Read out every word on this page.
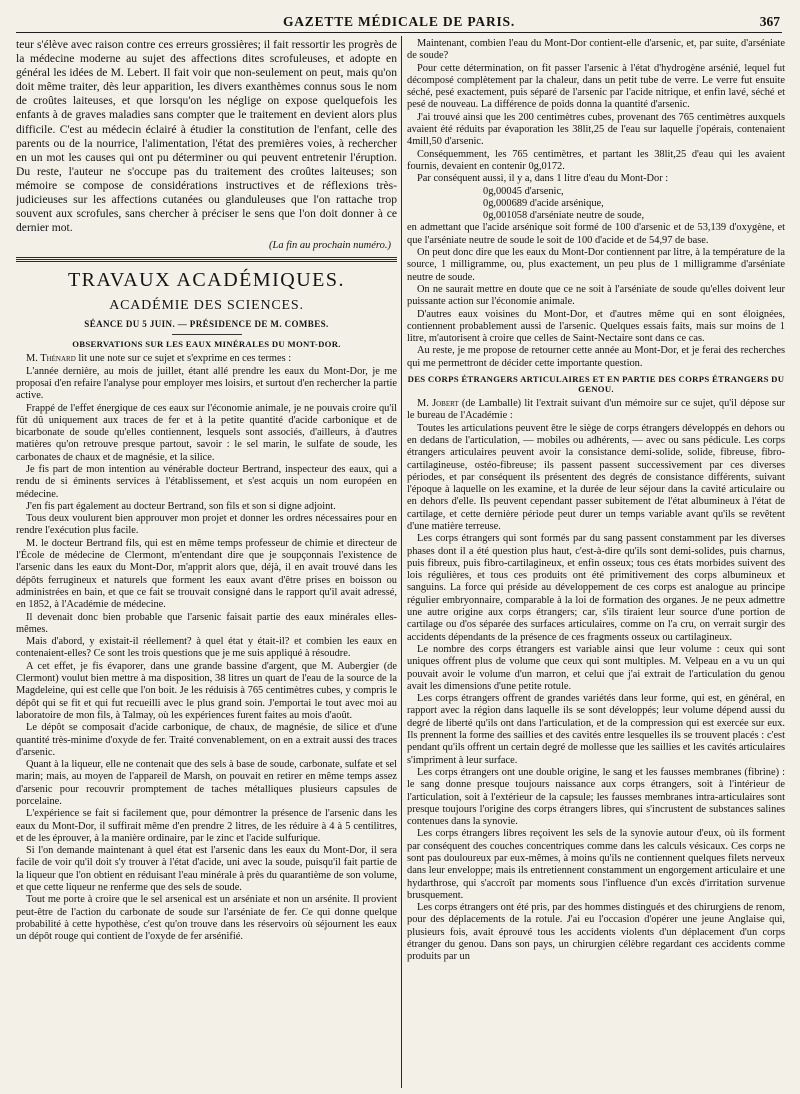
GAZETTE MÉDICALE DE PARIS.	367

teur s'élève avec raison contre ces erreurs grossières; il fait ressortir les progrès de la médecine moderne au sujet des affections dites scrofuleuses, et adopte en général les idées de M. Lebert. Il fait voir que non-seulement on peut, mais qu'on doit même traiter, dès leur apparition, les divers exanthèmes connus sous le nom de croûtes laiteuses, et que lorsqu'on les néglige on expose quelquefois les enfants à de graves maladies sans compter que le traitement en devient alors plus difficile. C'est au médecin éclairé à étudier la constitution de l'enfant, celle des parents ou de la nourrice, l'alimentation, l'état des premières voies, à rechercher en un mot les causes qui ont pu déterminer ou qui peuvent entretenir l'éruption. Du reste, l'auteur ne s'occupe pas du traitement des croûtes laiteuses; son mémoire se compose de considérations instructives et de réflexions très-judicieuses sur les affections cutanées ou glanduleuses que l'on rattache trop souvent aux scrofules, sans chercher à préciser le sens que l'on doit donner à ce dernier mot.

(La fin au prochain numéro.)
TRAVAUX ACADÉMIQUES.
ACADÉMIE DES SCIENCES.
SÉANCE DU 5 JUIN. — PRÉSIDENCE DE M. COMBES.
OBSERVATIONS SUR LES EAUX MINÉRALES DU MONT-DOR.

M. Thénard lit une note sur ce sujet et s'exprime en ces termes :

L'année dernière, au mois de juillet, étant allé prendre les eaux du Mont-Dor, je me proposai d'en refaire l'analyse pour employer mes loisirs, et surtout d'en rechercher la partie active.

Frappé de l'effet énergique de ces eaux sur l'économie animale, je ne pouvais croire qu'il fût dû uniquement aux traces de fer et à la petite quantité d'acide carbonique et de bicarbonate de soude qu'elles contiennent, lesquels sont associés, d'ailleurs, à d'autres matières qu'on retrouve presque partout, savoir : le sel marin, le sulfate de soude, les carbonates de chaux et de magnésie, et la silice.

Je fis part de mon intention au vénérable docteur Bertrand, inspecteur des eaux, qui a rendu de si éminents services à l'établissement, et s'est acquis un nom européen en médecine.

J'en fis part également au docteur Bertrand, son fils et son si digne adjoint.

Tous deux voulurent bien approuver mon projet et donner les ordres nécessaires pour en rendre l'exécution plus facile.

M. le docteur Bertrand fils, qui est en même temps professeur de chimie et directeur de l'École de médecine de Clermont, m'entendant dire que je soupçonnais l'existence de l'arsenic dans les eaux du Mont-Dor, m'apprit alors que, déjà, il en avait trouvé dans les dépôts ferrugineux et naturels que forment les eaux avant d'être prises en boisson ou administrées en bain, et que ce fait se trouvait consigné dans le rapport qu'il avait adressé, en 1852, à l'Académie de médecine.

Il devenait donc bien probable que l'arsenic faisait partie des eaux minérales elles-mêmes.

Mais d'abord, y existait-il réellement? à quel état y était-il? et combien les eaux en contenaient-elles? Ce sont les trois questions que je me suis appliqué à résoudre.

A cet effet, je fis évaporer, dans une grande bassine d'argent, que M. Aubergier (de Clermont) voulut bien mettre à ma disposition, 38 litres un quart de l'eau de la source de la Magdeleine, qui est celle que l'on boit. Je les réduisis à 765 centimètres cubes, y compris le dépôt qui se fit et qui fut recueilli avec le plus grand soin. J'emportai le tout avec moi au laboratoire de mon fils, à Talmay, où les expériences furent faites au mois d'août.

Le dépôt se composait d'acide carbonique, de chaux, de magnésie, de silice et d'une quantité très-minime d'oxyde de fer. Traité convenablement, on en a extrait aussi des traces d'arsenic.

Quant à la liqueur, elle ne contenait que des sels à base de soude, carbonate, sulfate et sel marin; mais, au moyen de l'appareil de Marsh, on pouvait en retirer en même temps assez d'arsenic pour recouvrir promptement de taches métalliques plusieurs capsules de porcelaine.

L'expérience se fait si facilement que, pour démontrer la présence de l'arsenic dans les eaux du Mont-Dor, il suffirait même d'en prendre 2 litres, de les réduire à 4 à 5 centilitres, et de les éprouver, à la manière ordinaire, par le zinc et l'acide sulfurique.

Si l'on demande maintenant à quel état est l'arsenic dans les eaux du Mont-Dor, il sera facile de voir qu'il doit s'y trouver à l'état d'acide, uni avec la soude, puisqu'il fait partie de la liqueur que l'on obtient en réduisant l'eau minérale à près du quarantième de son volume, et que cette liqueur ne renferme que des sels de soude.

Tout me porte à croire que le sel arsenical est un arséniate et non un arsénite. Il provient peut-être de l'action du carbonate de soude sur l'arséniate de fer. Ce qui donne quelque probabilité à cette hypothèse, c'est qu'on trouve dans les réservoirs où séjournent les eaux un dépôt rouge qui contient de l'oxyde de fer arsénifié.

Maintenant, combien l'eau du Mont-Dor contient-elle d'arsenic, et, par suite, d'arséniate de soude?

Pour cette détermination, on fit passer l'arsenic à l'état d'hydrogène arsénié, lequel fut décomposé complètement par la chaleur, dans un petit tube de verre. Le verre fut ensuite séché, pesé exactement, puis séparé de l'arsenic par l'acide nitrique, et enfin lavé, séché et pesé de nouveau. La différence de poids donna la quantité d'arsenic.

J'ai trouvé ainsi que les 200 centimètres cubes, provenant des 765 centimètres auxquels avaient été réduits par évaporation les 38lit,25 de l'eau sur laquelle j'opérais, contenaient 4mill,50 d'arsenic.

Conséquemment, les 765 centimètres, et partant les 38lit,25 d'eau qui les avaient fournis, devaient en contenir 0g,0172.

Par conséquent aussi, il y a, dans 1 litre d'eau du Mont-Dor :

0g,00045 d'arsenic,
0g,000689 d'acide arsénique,
0g,001058 d'arséniate neutre de soude,

en admettant que l'acide arsénique soit formé de 100 d'arsenic et de 53,139 d'oxygène, et que l'arséniate neutre de soude le soit de 100 d'acide et de 54,97 de base.

On peut donc dire que les eaux du Mont-Dor contiennent par litre, à la température de la source, 1 milligramme, ou, plus exactement, un peu plus de 1 milligramme d'arséniate neutre de soude.

On ne saurait mettre en doute que ce ne soit à l'arséniate de soude qu'elles doivent leur puissante action sur l'économie animale.

D'autres eaux voisines du Mont-Dor, et d'autres même qui en sont éloignées, contiennent probablement aussi de l'arsenic. Quelques essais faits, mais sur moins de 1 litre, m'autorisent à croire que celles de Saint-Nectaire sont dans ce cas.

Au reste, je me propose de retourner cette année au Mont-Dor, et je ferai des recherches qui me permettront de décider cette importante question.

DES CORPS ÉTRANGERS ARTICULAIRES ET EN PARTIE DES CORPS ÉTRANGERS DU GENOU.

M. Jobert (de Lamballe) lit l'extrait suivant d'un mémoire sur ce sujet, qu'il dépose sur le bureau de l'Académie :

Toutes les articulations peuvent être le siège de corps étrangers développés en dehors ou en dedans de l'articulation, — mobiles ou adhérents, — avec ou sans pédicule. Les corps étrangers articulaires peuvent avoir la consistance demi-solide, solide, fibreuse, fibro-cartilagineuse, ostéo-fibreuse; ils passent passent successivement par ces diverses périodes, et par conséquent ils présentent des degrés de consistance différents, suivant l'époque à laquelle on les examine, et la durée de leur séjour dans la cavité articulaire ou en dehors d'elle. Ils peuvent cependant passer subitement de l'état albumineux à l'état de cartilage, et cette dernière période peut durer un temps variable avant qu'ils se revêtent d'une matière terreuse.

Les corps étrangers qui sont formés par du sang passent constamment par les diverses phases dont il a été question plus haut, c'est-à-dire qu'ils sont demi-solides, puis charnus, puis fibreux, puis fibro-cartilagineux, et enfin osseux; tous ces états morbides suivent des lois régulières, et tous ces produits ont été primitivement des corps albumineux et sanguins. La force qui préside au développement de ces corps est analogue au principe régulier embryonnaire, comparable à la loi de formation des organes. Je ne peux admettre une autre origine aux corps étrangers; car, s'ils tiraient leur source d'une portion de cartilage ou d'os séparée des surfaces articulaires, comme on l'a cru, on verrait surgir des accidents dépendants de la présence de ces fragments osseux ou cartilagineux.

Le nombre des corps étrangers est variable ainsi que leur volume : ceux qui sont uniques offrent plus de volume que ceux qui sont multiples. M. Velpeau en a vu un qui pouvait avoir le volume d'un marron, et celui que j'ai extrait de l'articulation du genou avait les dimensions d'une petite rotule.

Les corps étrangers offrent de grandes variétés dans leur forme, qui est, en général, en rapport avec la région dans laquelle ils se sont développés; leur volume dépend aussi du degré de liberté qu'ils ont dans l'articulation, et de la compression qui est exercée sur eux. Ils prennent la forme des saillies et des cavités entre lesquelles ils se trouvent placés : c'est pendant qu'ils offrent un certain degré de mollesse que les saillies et les cavités articulaires s'impriment à leur surface.

Les corps étrangers ont une double origine, le sang et les fausses membranes (fibrine) : le sang donne presque toujours naissance aux corps étrangers, soit à l'intérieur de l'articulation, soit à l'extérieur de la capsule; les fausses membranes intra-articulaires sont presque toujours l'origine des corps étrangers libres, qui s'incrustent de substances salines contenues dans la synovie.

Les corps étrangers libres reçoivent les sels de la synovie autour d'eux, où ils forment par conséquent des couches concentriques comme dans les calculs vésicaux. Ces corps ne sont pas douloureux par eux-mêmes, à moins qu'ils ne contiennent quelques filets nerveux dans leur enveloppe; mais ils entretiennent constamment un engorgement articulaire et une hydarthrose, qui s'accroît par moments sous l'influence d'un excès d'irritation survenue brusquement.

Les corps étrangers ont été pris, par des hommes distingués et des chirurgiens de renom, pour des déplacements de la rotule. J'ai eu l'occasion d'opérer une jeune Anglaise qui, plusieurs fois, avait éprouvé tous les accidents violents d'un déplacement d'un corps étranger du genou. Dans son pays, un chirurgien célèbre regardant ces accidents comme produits par un
